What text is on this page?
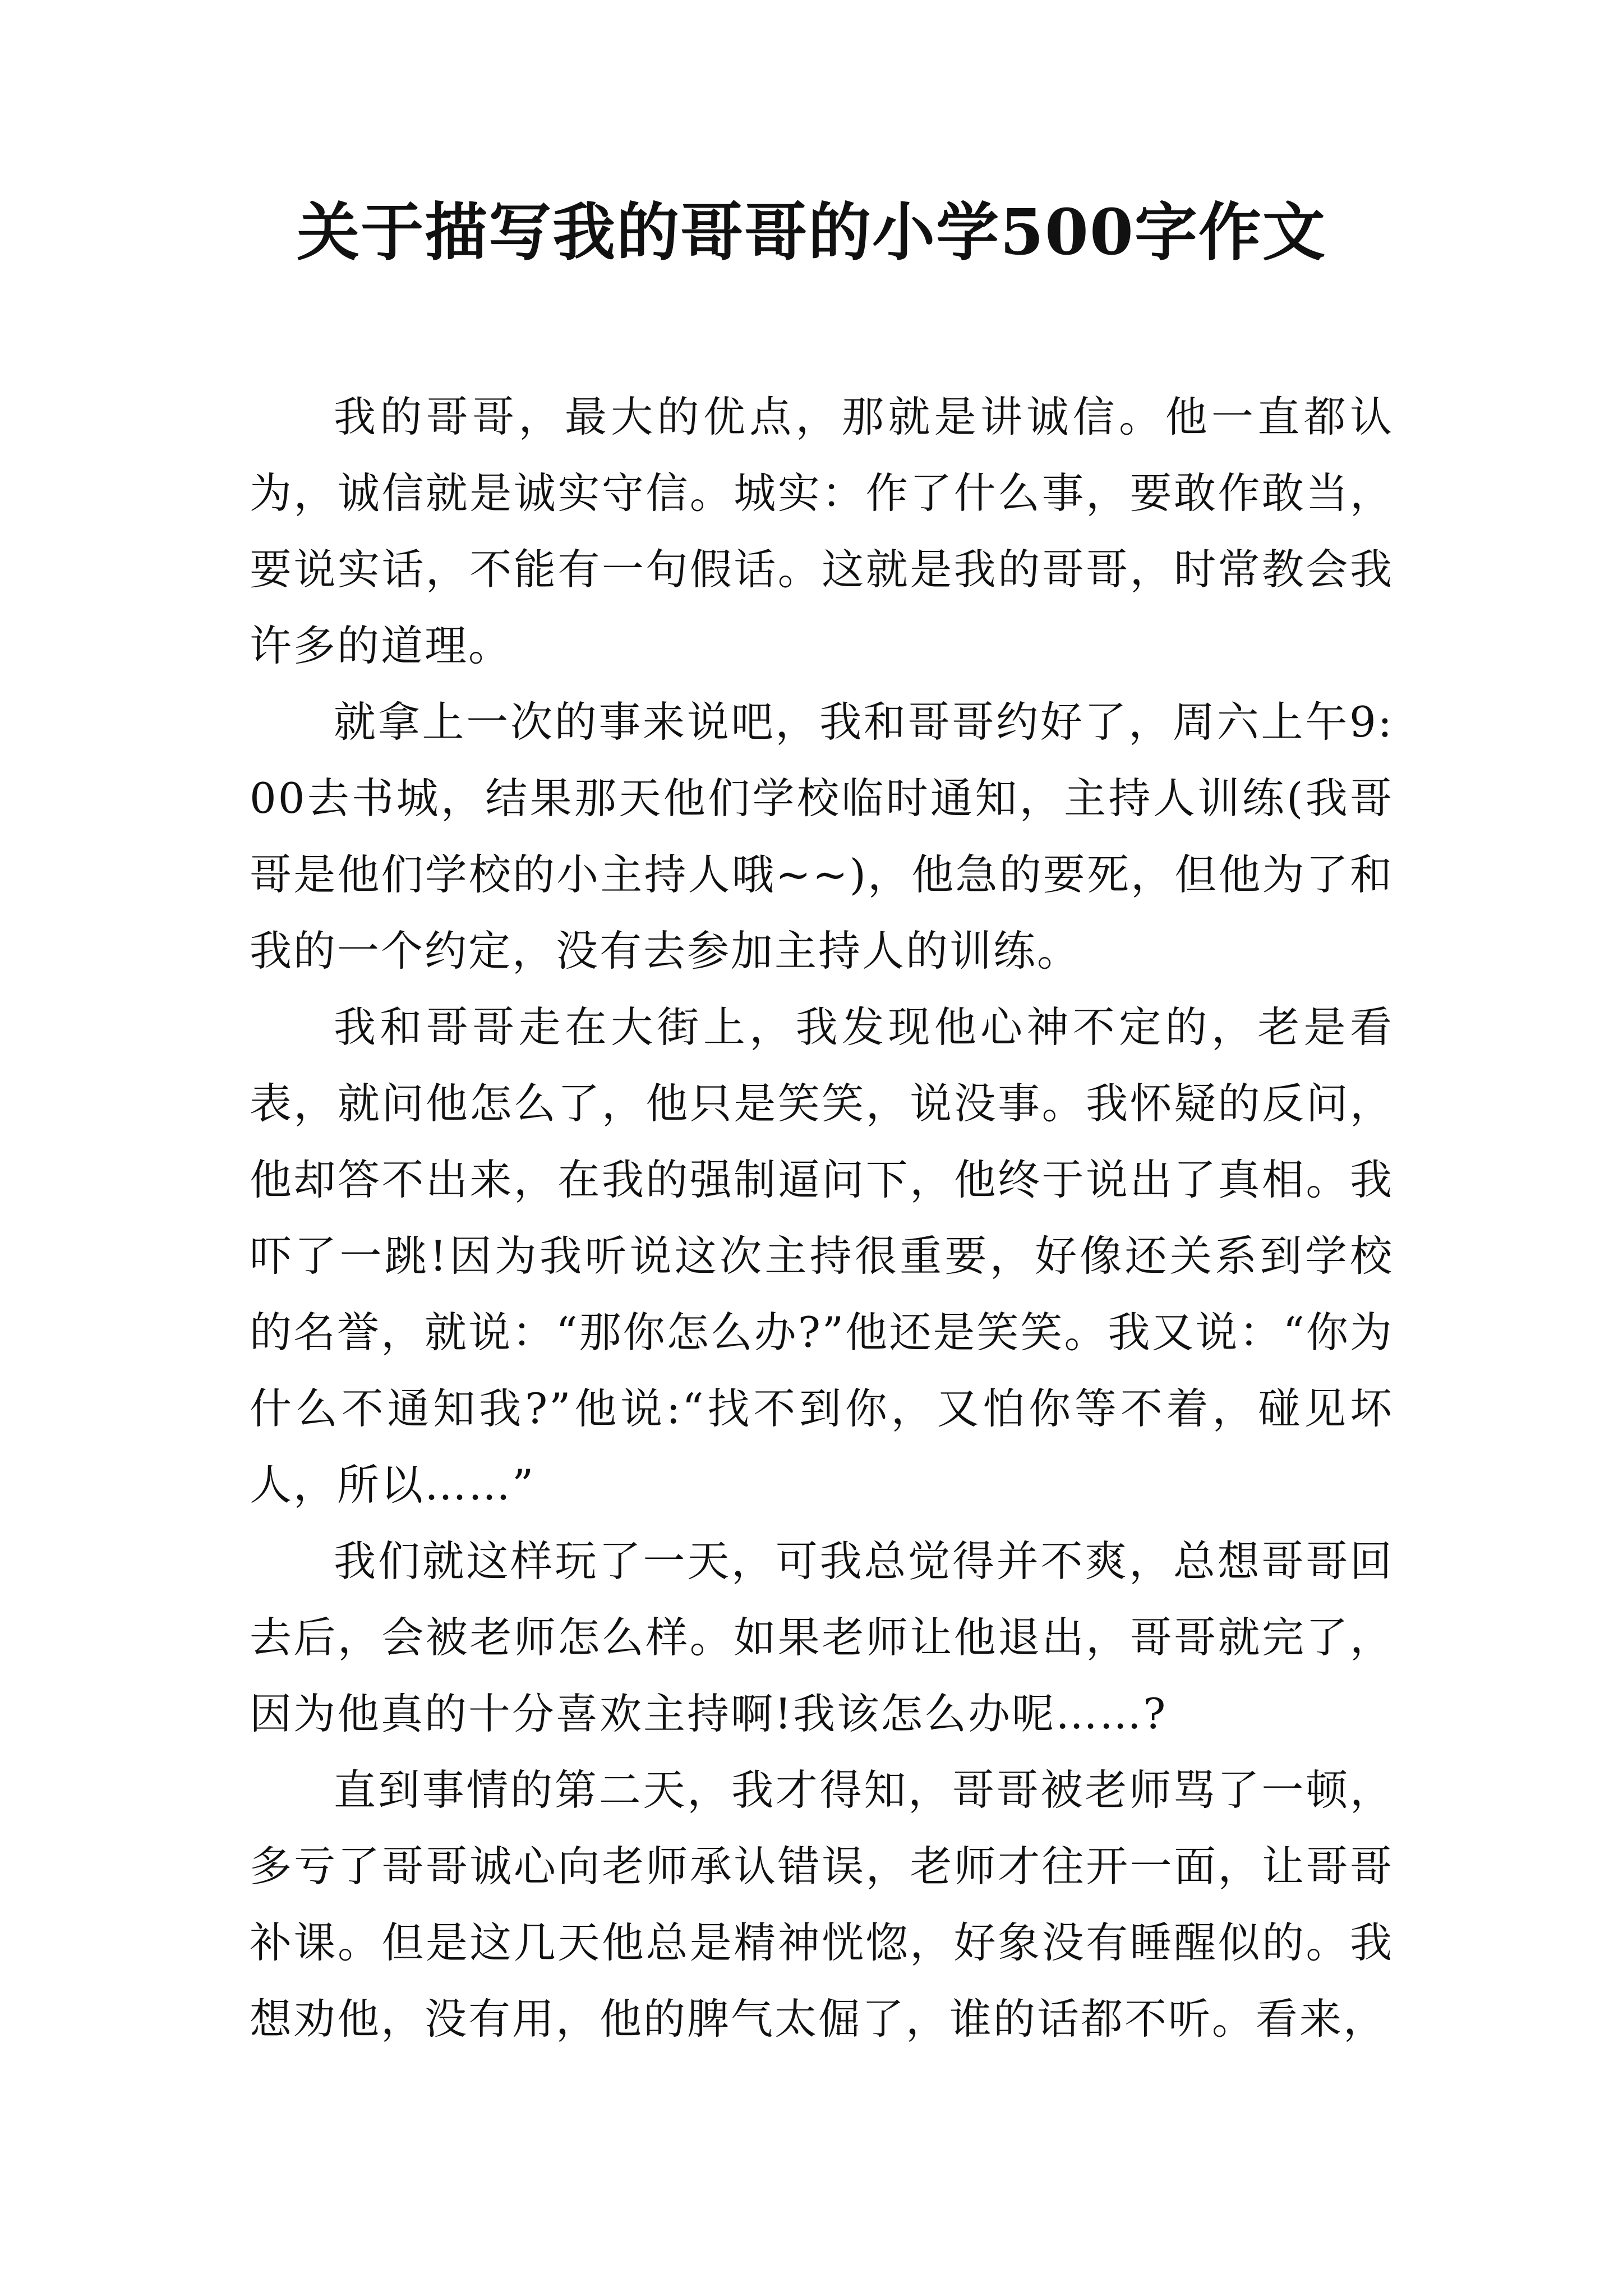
关于描写我的哥哥的小学500字作文

我的哥哥，最大的优点，那就是讲诚信。他一直都认为，诚信就是诚实守信。城实：作了什么事，要敢作敢当，要说实话，不能有一句假话。这就是我的哥哥，时常教会我许多的道理。

就拿上一次的事来说吧，我和哥哥约好了，周六上午9:00去书城，结果那天他们学校临时通知，主持人训练(我哥哥是他们学校的小主持人哦~~)，他急的要死，但他为了和我的一个约定，没有去参加主持人的训练。

我和哥哥走在大街上，我发现他心神不定的，老是看表，就问他怎么了，他只是笑笑，说没事。我怀疑的反问，他却答不出来，在我的强制逼问下，他终于说出了真相。我吓了一跳!因为我听说这次主持很重要，好像还关系到学校的名誉，就说：“那你怎么办?”他还是笑笑。我又说：“你为什么不通知我?”他说:“找不到你，又怕你等不着，碰见坏人，所以……”

我们就这样玩了一天，可我总觉得并不爽，总想哥哥回去后，会被老师怎么样。如果老师让他退出，哥哥就完了，因为他真的十分喜欢主持啊!我该怎么办呢……?

直到事情的第二天，我才得知，哥哥被老师骂了一顿，多亏了哥哥诚心向老师承认错误，老师才往开一面，让哥哥补课。但是这几天他总是精神恍惚，好象没有睡醒似的。我想劝他，没有用，他的脾气太倔了，谁的话都不听。看来，
